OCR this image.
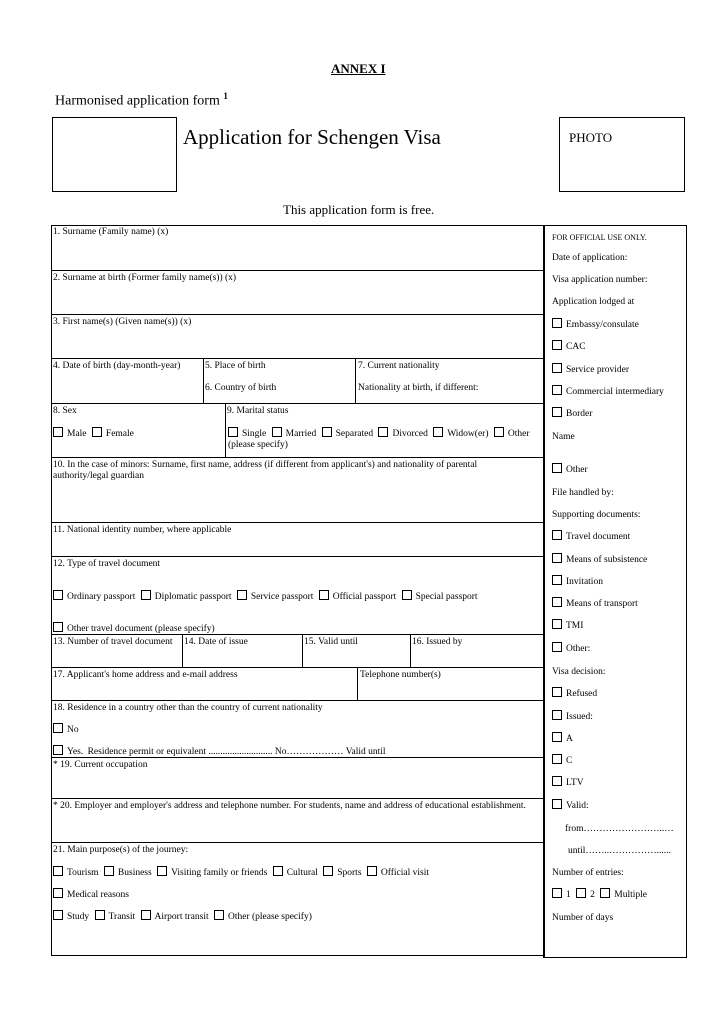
ANNEX I
Harmonised application form $^1$
Application for Schengen Visa	PHOTO
This application form is free.
1. Surname (Family name) (x)
2. Surname at birth (Former family name(s)) (x)
3. First name(s) (Given name(s)) (x)
4. Date of birth (day-month-year)	5. Place of birth
6. Country of birth
7. Current nationality
Nationality at birth, if different:
8. Sex
Male Female
9. Marital status
Single Married Separated Divorced Widow(er) Other
(please specify)
10. In the case of minors: Surname, first name, address (if different from applicant's) and nationality of parental
authority/legal guardian
11. National identity number, where applicable
12. Type of travel document
Ordinary passport Diplomatic passport Service passport Official passport Special passport
Other travel document (please specify)
13. Number of travel document 14. Date of issue	15. Valid until	16. Issued by
17. Applicant's home address and e-mail address	Telephone number(s)
18. Residence in a country other than the country of current nationality
No
Yes. Residence permit or equivalent ........................... No……………… Valid until
* 19. Current occupation
* 20. Employer and employer's address and telephone number. For students, name and address of educational establishment.
21. Main purpose(s) of the journey:
Tourism Business Visiting family or friends Cultural Sports Official visit
Medical reasons
Study Transit Airport transit Other (please specify)
FOR OFFICIAL USE ONLY.
Date of application:
Visa application number:
Application lodged at
Embassy/consulate
CAC
Service provider
Commercial intermediary
Border
Name
Other
File handled by:
Supporting documents:
Travel document
Means of subsistence
Invitation
Means of transport
TMI
Other:
Visa decision:
Refused
Issued:
A
C
LTV
Valid:
from……………………..…
until……..……………......
Number of entries:
1 2 Multiple
Number of days
